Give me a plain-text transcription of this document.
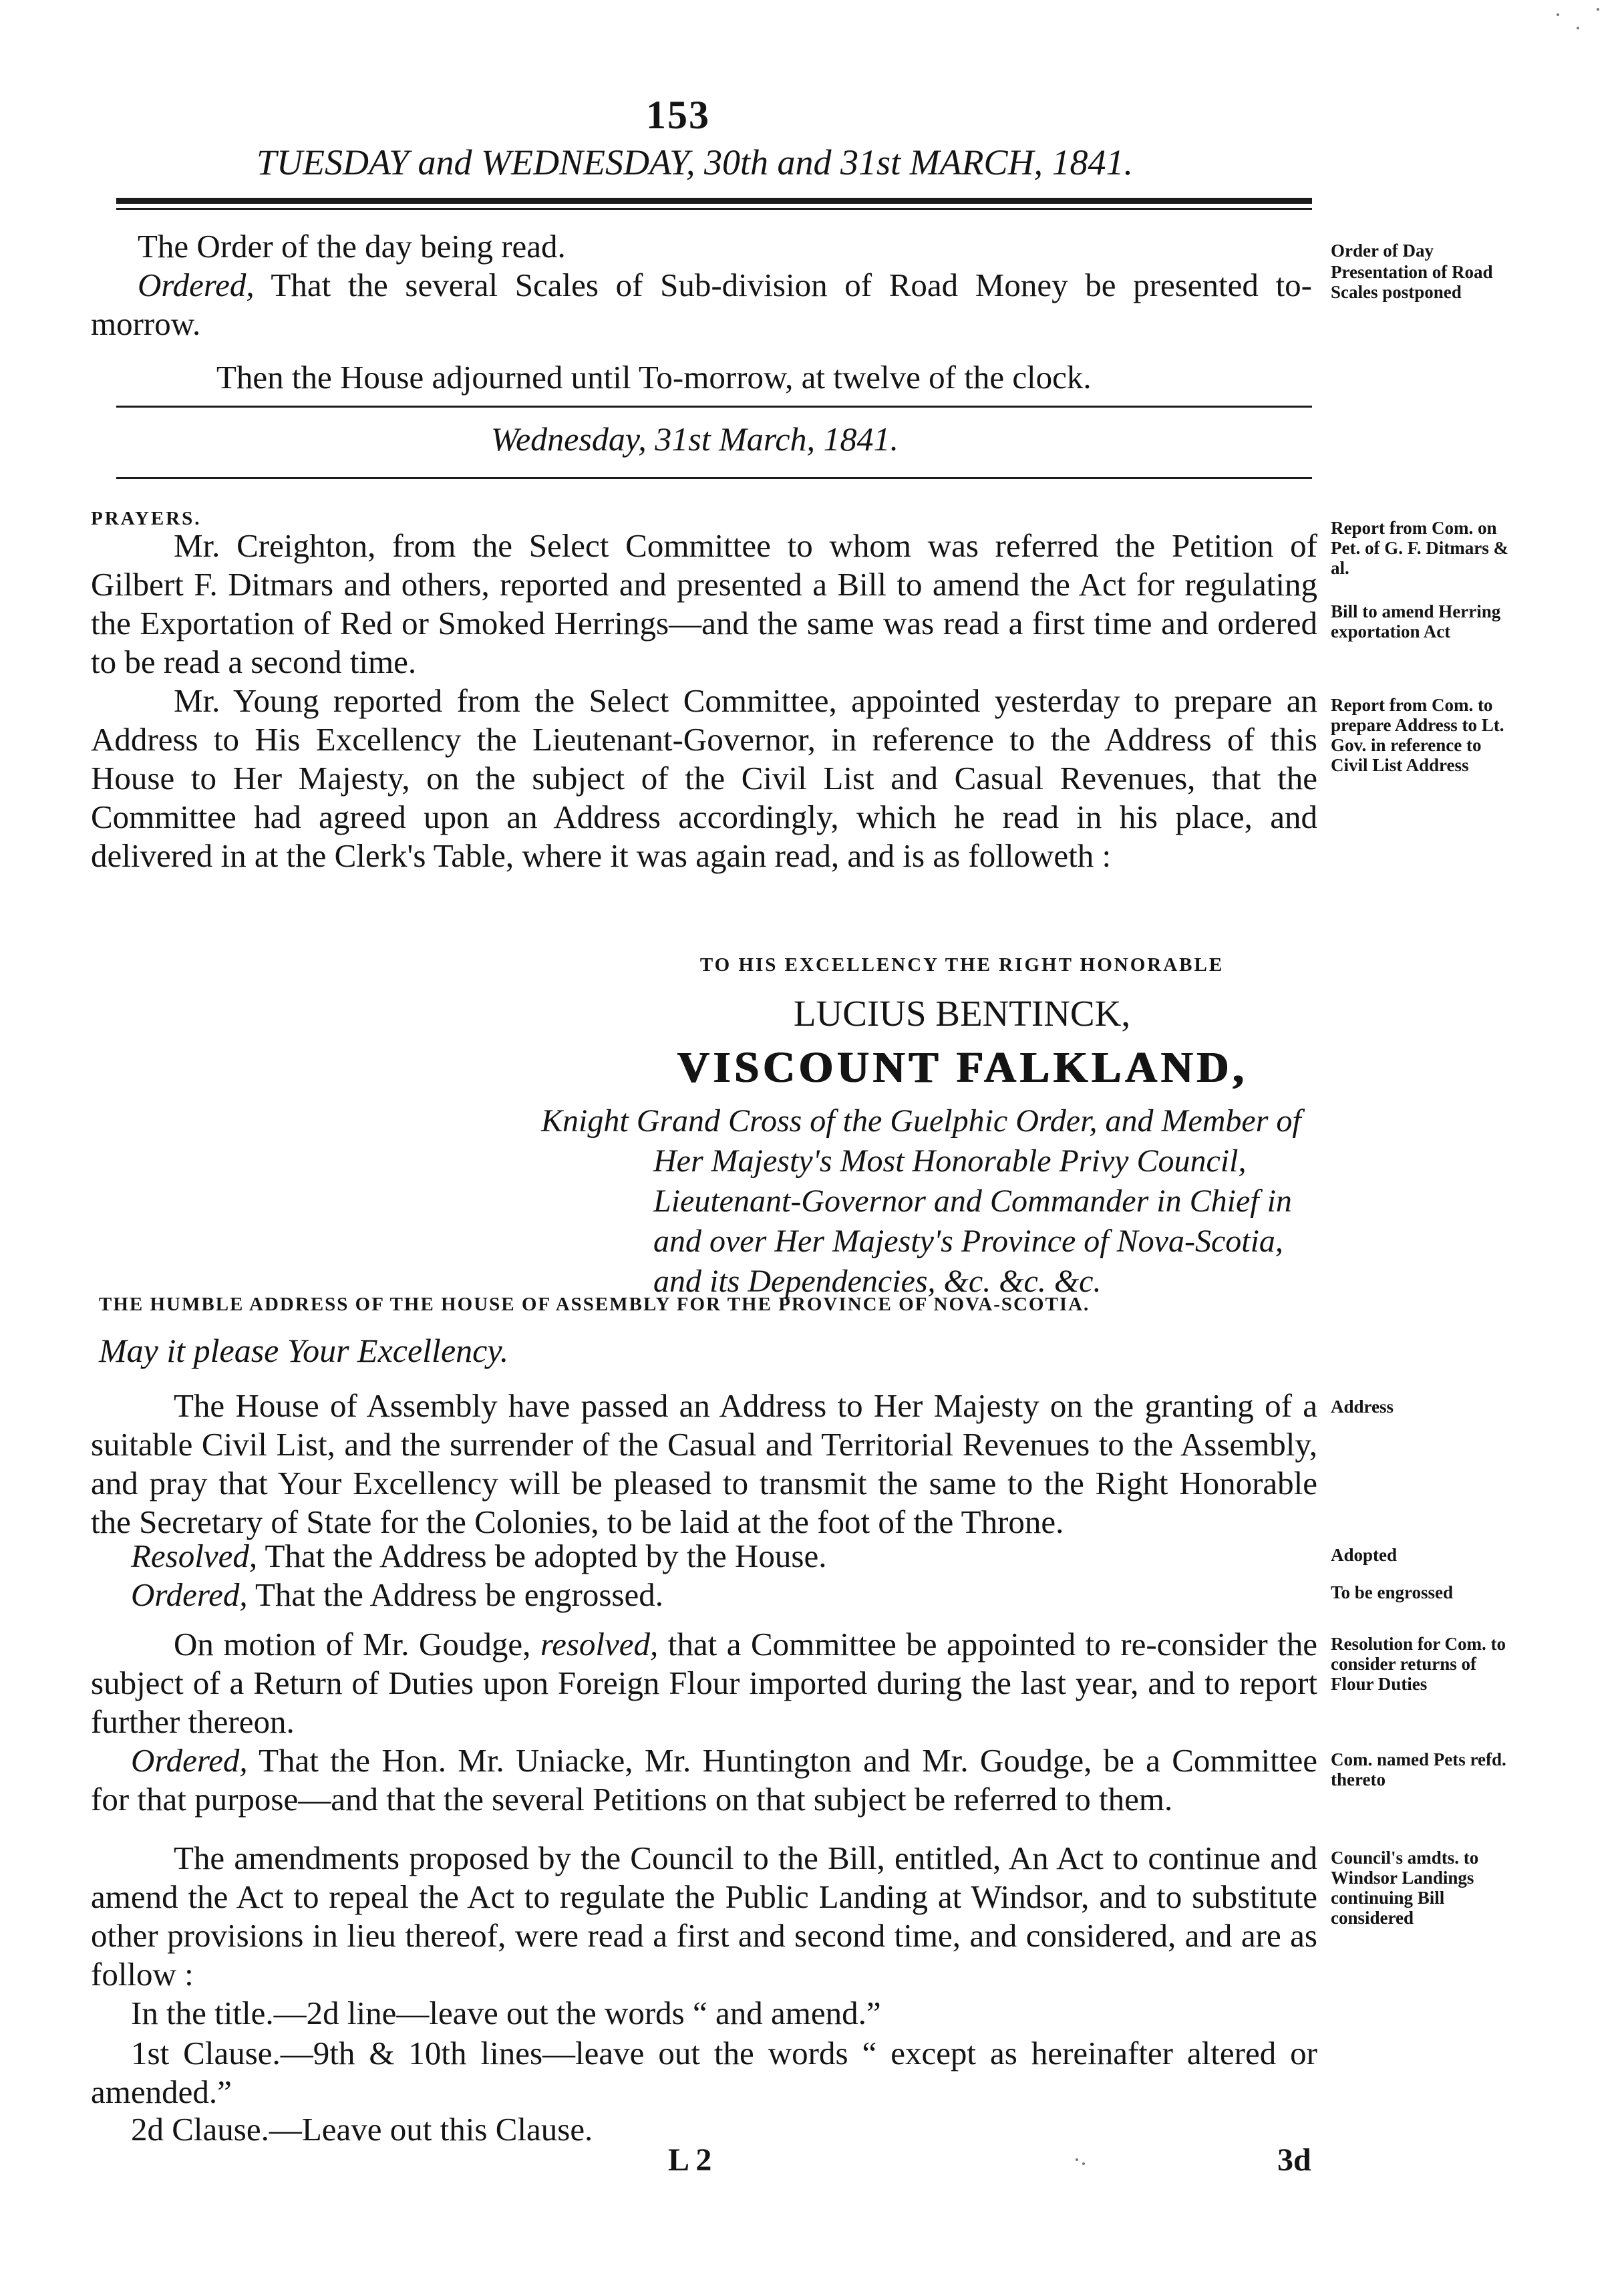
153
TUESDAY and WEDNESDAY, 30th and 31st MARCH, 1841.
The Order of the day being read.
Ordered, That the several Scales of Sub-division of Road Money be presented to-morrow.
Then the House adjourned until To-morrow, at twelve of the clock.
Order of Day
Presentation of Road Scales postponed
Wednesday, 31st March, 1841.
PRAYERS.
Mr. Creighton, from the Select Committee to whom was referred the Petition of Gilbert F. Ditmars and others, reported and presented a Bill to amend the Act for regulating the Exportation of Red or Smoked Herrings—and the same was read a first time and ordered to be read a second time.
Report from Com. on Pet. of G. F. Ditmars & al.
Bill to amend Herring exportation Act
Mr. Young reported from the Select Committee, appointed yesterday to prepare an Address to His Excellency the Lieutenant-Governor, in reference to the Address of this House to Her Majesty, on the subject of the Civil List and Casual Revenues, that the Committee had agreed upon an Address accordingly, which he read in his place, and delivered in at the Clerk's Table, where it was again read, and is as followeth :
Report from Com. to prepare Address to Lt. Gov. in reference to Civil List Address
TO HIS EXCELLENCY THE RIGHT HONORABLE
LUCIUS BENTINCK,
VISCOUNT FALKLAND,
Knight Grand Cross of the Guelphic Order, and Member of Her Majesty's Most Honorable Privy Council, Lieutenant-Governor and Commander in Chief in and over Her Majesty's Province of Nova-Scotia, and its Dependencies, &c. &c. &c.
THE HUMBLE ADDRESS OF THE HOUSE OF ASSEMBLY FOR THE PROVINCE OF NOVA-SCOTIA.
May it please Your Excellency.
The House of Assembly have passed an Address to Her Majesty on the granting of a suitable Civil List, and the surrender of the Casual and Territorial Revenues to the Assembly, and pray that Your Excellency will be pleased to transmit the same to the Right Honorable the Secretary of State for the Colonies, to be laid at the foot of the Throne.
Address
Resolved, That the Address be adopted by the House.	Adopted
Ordered, That the Address be engrossed.	To be engrossed
On motion of Mr. Goudge, resolved, that a Committee be appointed to re-consider the subject of a Return of Duties upon Foreign Flour imported during the last year, and to report further thereon.
Resolution for Com. to consider returns of Flour Duties
Ordered, That the Hon. Mr. Uniacke, Mr. Huntington and Mr. Goudge, be a Committee for that purpose—and that the several Petitions on that subject be referred to them.
Com. named Pets refd. thereto
The amendments proposed by the Council to the Bill, entitled, An Act to continue and amend the Act to repeal the Act to regulate the Public Landing at Windsor, and to substitute other provisions in lieu thereof, were read a first and second time, and considered, and are as follow :
Council's amdts. to Windsor Landings continuing Bill considered
In the title.—2d line—leave out the words “ and amend.”
1st Clause.—9th & 10th lines—leave out the words “ except as hereinafter altered or amended.”
2d Clause.—Leave out this Clause.
L 2	3d
